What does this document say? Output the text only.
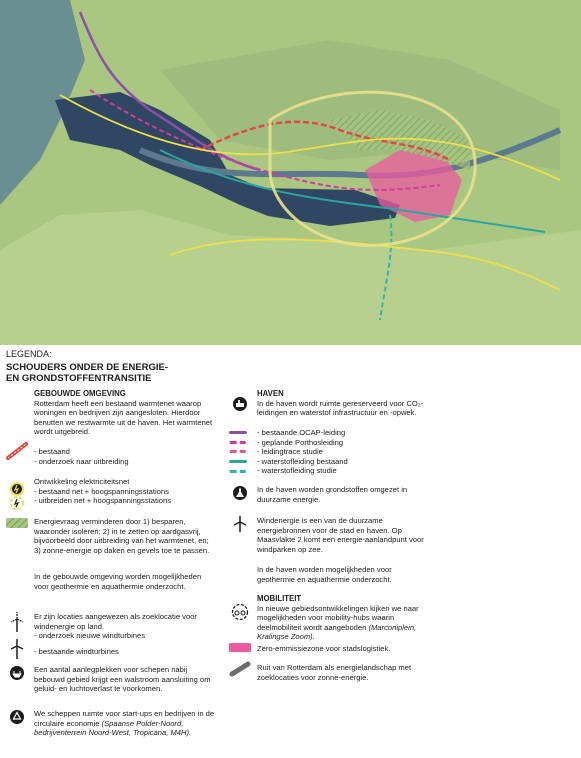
LEGENDA:
SCHOUDERS ONDER DE ENERGIE-
EN GRONDSTOFFENTRANSITIE
GEBOUWDE OMGEVING
Rotterdam heeft een bestaand warmtenet waarop woningen en bedrijven zijn aangesloten. Hierdoor benutten we restwarmte uit de haven. Het warmtenet wordt uitgebreid.
- bestaand
- onderzoek naar uitbreiding
Ontwikkeling elektriciteitsnet
- bestaand net + hoogspanningsstations
- uitbreiden net + hoogspanningsstations
Energievraag verminderen door 1) besparen, waaronder isoleren; 2) in te zetten op aardgasvrij, bijvoorbeeld door uitbreiding van het warmtenet, en; 3) zonne-energie op daken en gevels toe te passen.
In de gebouwde omgeving worden mogelijkheden voor geothermie en aquathermie onderzocht.
Er zijn locaties aangewezen als zoeklocatie voor windenergie op land.
- onderzoek nieuwe windturbines
- bestaande windturbines
Een aantal aanlegplekken voor schepen nabij bebouwd gebied krijgt een walstroom aansluiting om geluid- en luchtoverlast te voorkomen.
We scheppen ruimte voor start-ups en bedrijven in de circulaire economie (Spaanse Polder-Noord, bedrijventerrein Noord-West, Tropicana, M4H).
HAVEN
In de haven wordt ruimte gereserveerd voor CO₂-leidingen en waterstof infrastructuur en -opwek.
- bestaande OCAP-leiding
- geplande Porthosleiding
- leidingtrace studie
- waterstofleiding bestaand
- waterstofleiding studie
In de haven worden grondstoffen omgezet in duurzame energie.
Windenergie is een van de duurzame energiebronnen voor de stad en haven. Op Maasvlakte 2 komt een energie-aanlandpunt voor windparken op zee.
In de haven worden mogelijkheden voor geothermie en aquathermie onderzocht.
MOBILITEIT
In nieuwe gebiedsontwikkelingen kijken we naar mogelijkheden voor mobility-hubs waarin deelmobiliteit wordt aangeboden (Marconiplein, Kralingse Zoom).
Zero-emmissiezone voor stadslogistiek.
Ruit van Rotterdam als energielandschap met zoeklocaties voor zonne-energie.
